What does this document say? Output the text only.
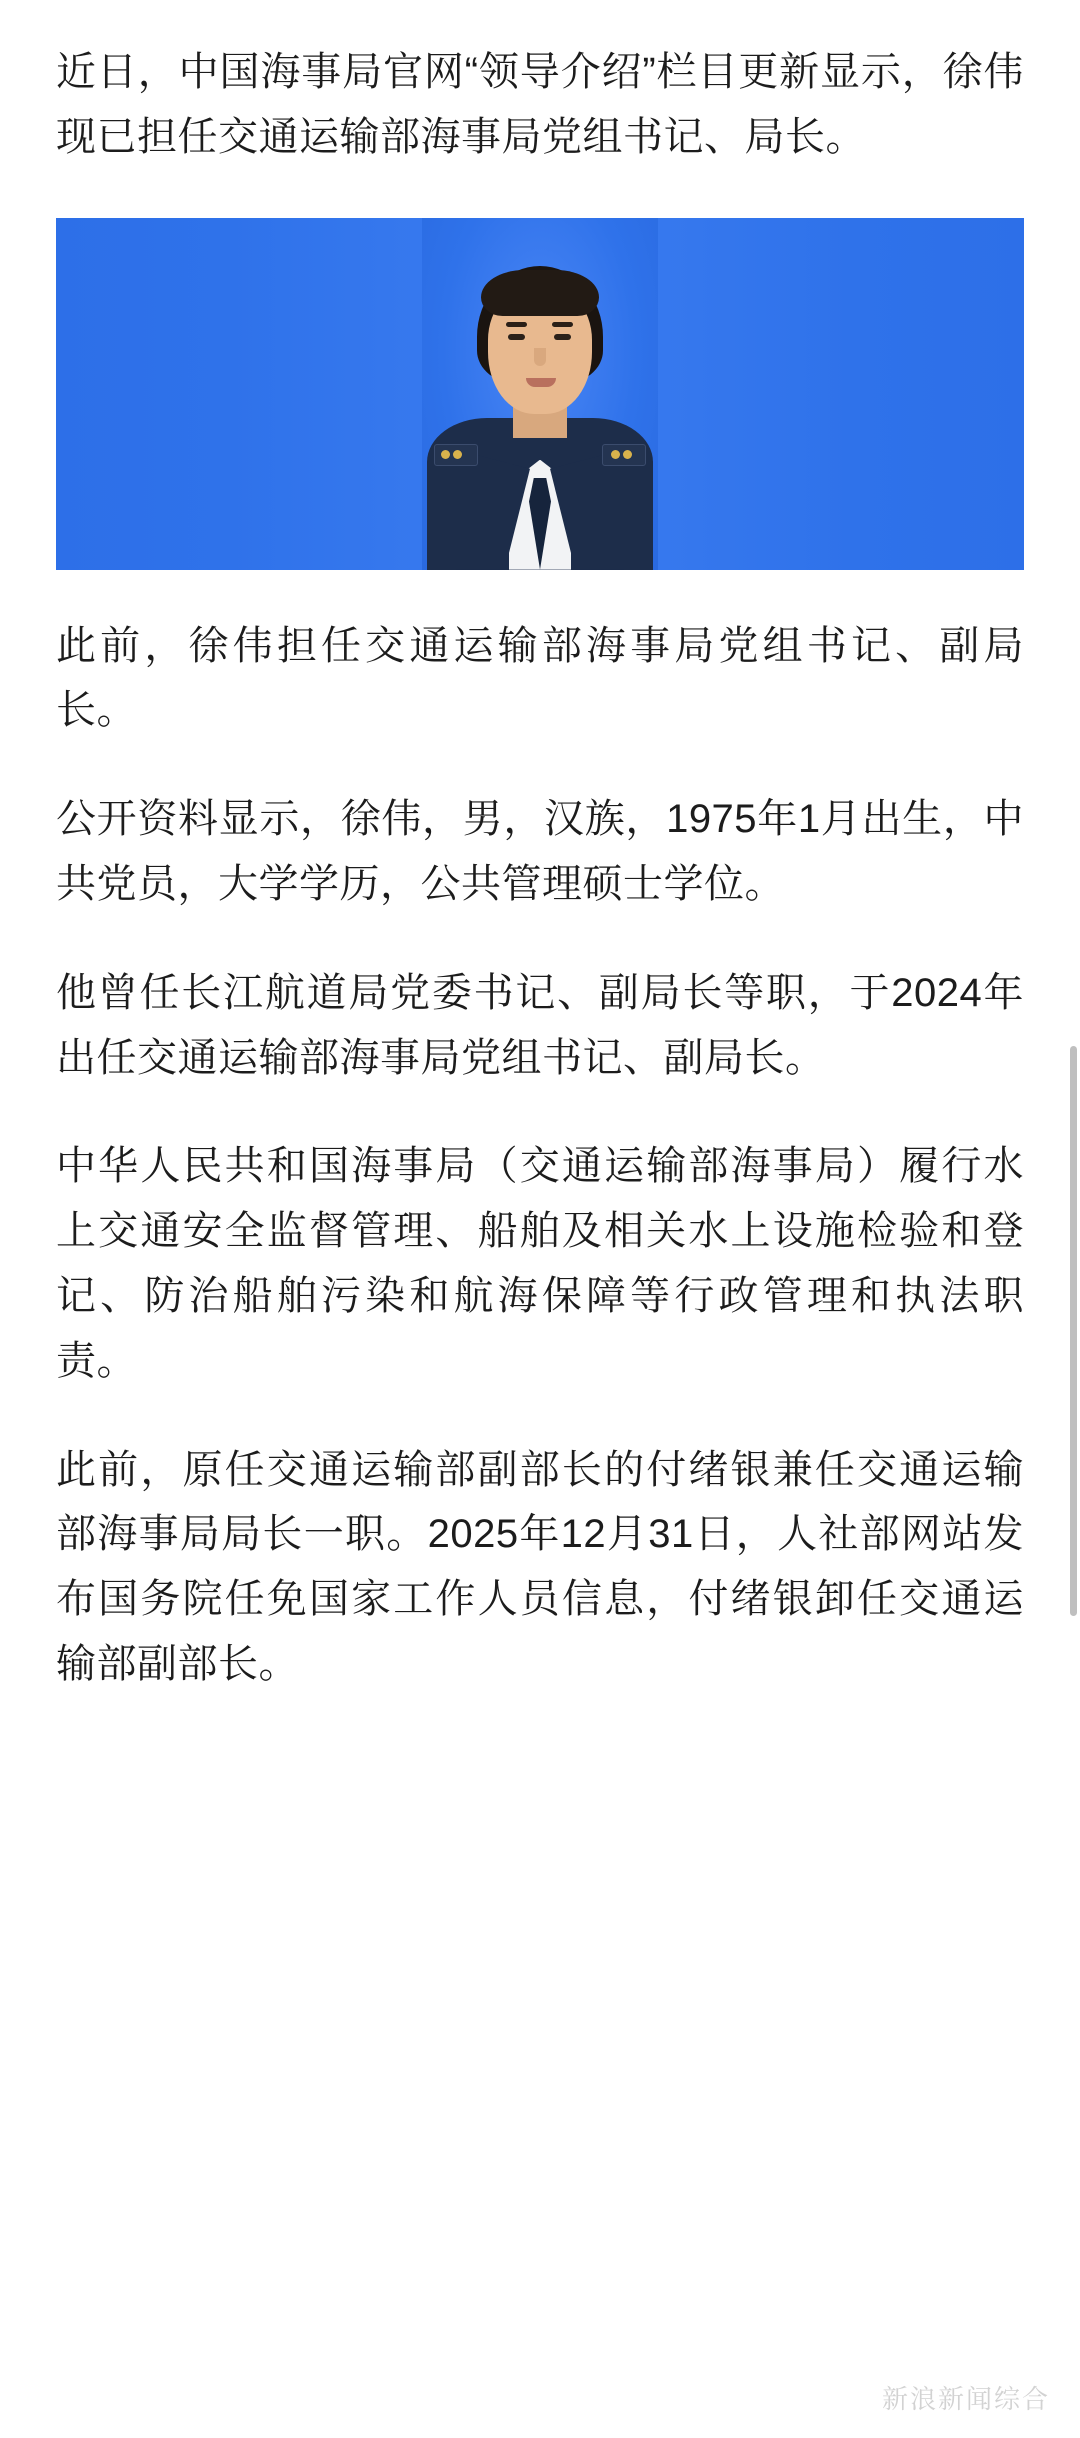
近日，中国海事局官网“领导介绍”栏目更新显示，徐伟现已担任交通运输部海事局党组书记、局长。

此前，徐伟担任交通运输部海事局党组书记、副局长。

公开资料显示，徐伟，男，汉族，1975年1月出生，中共党员，大学学历，公共管理硕士学位。

他曾任长江航道局党委书记、副局长等职，于2024年出任交通运输部海事局党组书记、副局长。

中华人民共和国海事局（交通运输部海事局）履行水上交通安全监督管理、船舶及相关水上设施检验和登记、防治船舶污染和航海保障等行政管理和执法职责。

此前，原任交通运输部副部长的付绪银兼任交通运输部海事局局长一职。2025年12月31日，人社部网站发布国务院任免国家工作人员信息，付绪银卸任交通运输部副部长。

新浪新闻综合
